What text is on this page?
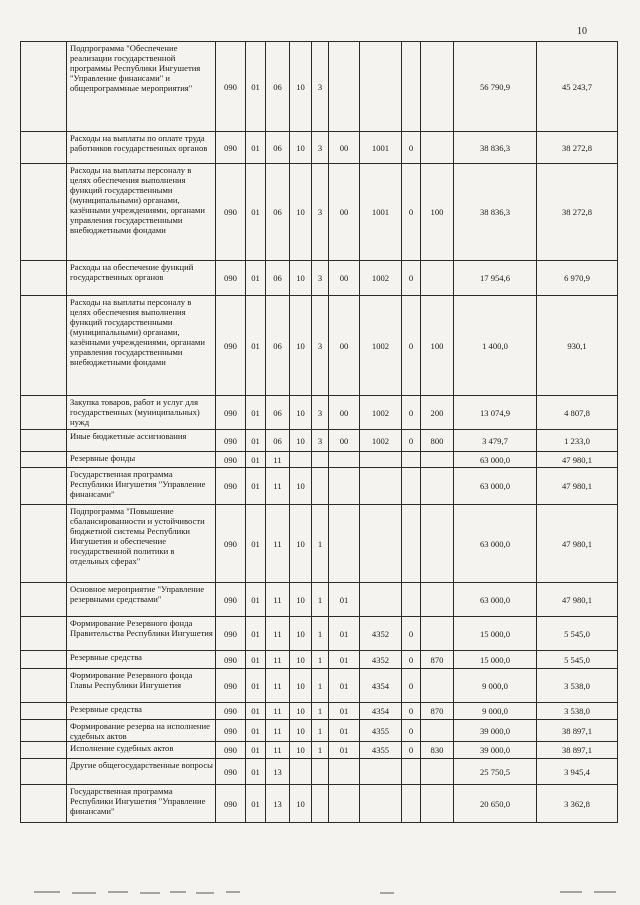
10
	Подпрограмма "Обеспечение реализации государственной программы Республики Ингушетия "Управление финансами" и общепрограммные мероприятия"	090	01	06	10	3					56 790,9	45 243,7
	Расходы на выплаты по оплате труда работников государственных органов	090	01	06	10	3	00	1001	0		38 836,3	38 272,8
	Расходы на выплаты персоналу в целях обеспечения выполнения функций государственными (муниципальными) органами, казёнными учреждениями, органами управления государственными внебюджетными фондами	090	01	06	10	3	00	1001	0	100	38 836,3	38 272,8
	Расходы на обеспечение функций государственных органов	090	01	06	10	3	00	1002	0		17 954,6	6 970,9
	Расходы на выплаты персоналу в целях обеспечения выполнения функций государственными (муниципальными) органами, казёнными учреждениями, органами управления государственными внебюджетными фондами	090	01	06	10	3	00	1002	0	100	1 400,0	930,1
	Закупка товаров, работ и услуг для государственных (муниципальных) нужд	090	01	06	10	3	00	1002	0	200	13 074,9	4 807,8
	Иные бюджетные ассигнования	090	01	06	10	3	00	1002	0	800	3 479,7	1 233,0
	Резервные фонды	090	01	11							63 000,0	47 980,1
	Государственная программа Республики Ингушетия "Управление финансами"	090	01	11	10						63 000,0	47 980,1
	Подпрограмма "Повышение сбалансированности и устойчивости бюджетной системы Республики Ингушетия и обеспечение государственной политики в отдельных сферах"	090	01	11	10	1					63 000,0	47 980,1
	Основное мероприятие "Управление резервными средствами"	090	01	11	10	1	01				63 000,0	47 980,1
	Формирование Резервного фонда Правительства Республики Ингушетия	090	01	11	10	1	01	4352	0		15 000,0	5 545,0
	Резервные средства	090	01	11	10	1	01	4352	0	870	15 000,0	5 545,0
	Формирование Резервного фонда Главы Республики Ингушетия	090	01	11	10	1	01	4354	0		9 000,0	3 538,0
	Резервные средства	090	01	11	10	1	01	4354	0	870	9 000,0	3 538,0
	Формирование резерва на исполнение судебных актов	090	01	11	10	1	01	4355	0		39 000,0	38 897,1
	Исполнение судебных актов	090	01	11	10	1	01	4355	0	830	39 000,0	38 897,1
	Другие общегосударственные вопросы	090	01	13							25 750,5	3 945,4
	Государственная программа Республики Ингушетия "Управление финансами"	090	01	13	10						20 650,0	3 362,8
